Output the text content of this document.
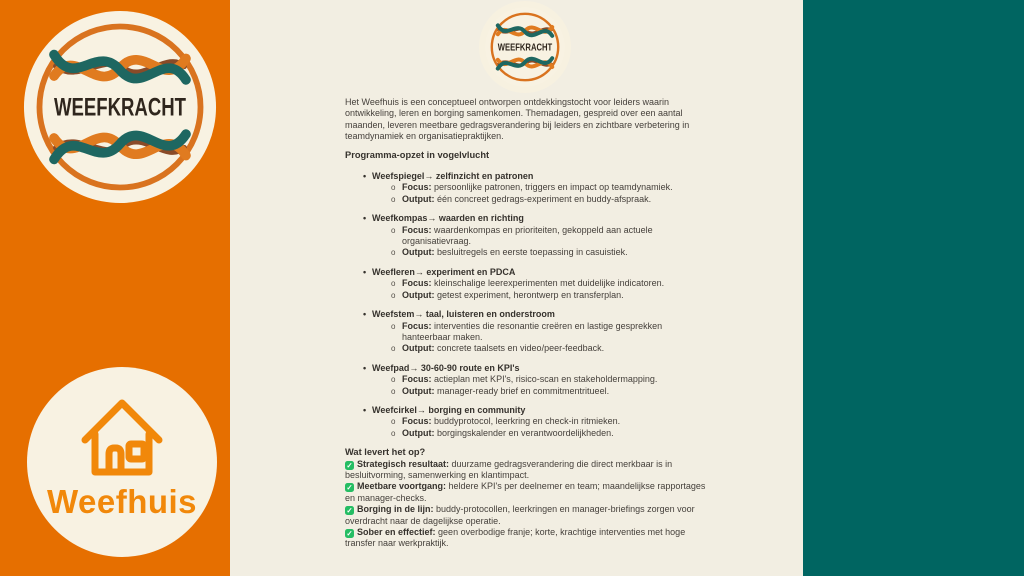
Weefhuis

Het Weefhuis is een conceptueel ontworpen ontdekkingstocht voor leiders waarin ontwikkeling, leren en borging samenkomen. Themadagen, gespreid over een aantal maanden, leveren meetbare gedragsverandering bij leiders en zichtbare verbetering in teamdynamiek en organisatiepraktijken.

Programma-opzet in vogelvlucht
• Weefspiegel→ zelfinzicht en patronen
o Focus: persoonlijke patronen, triggers en impact op teamdynamiek.
o Output: één concreet gedrags-experiment en buddy-afspraak.
• Weefkompas→ waarden en richting
o Focus: waardenkompas en prioriteiten, gekoppeld aan actuele organisatievraag.
o Output: besluitregels en eerste toepassing in casuistiek.
• Weefleren→ experiment en PDCA
o Focus: kleinschalige leerexperimenten met duidelijke indicatoren.
o Output: getest experiment, herontwerp en transferplan.
• Weefstem→ taal, luisteren en onderstroom
o Focus: interventies die resonantie creëren en lastige gesprekken hanteerbaar maken.
o Output: concrete taalsets en video/peer-feedback.
• Weefpad→ 30-60-90 route en KPI's
o Focus: actieplan met KPI's, risico-scan en stakeholdermapping.
o Output: manager-ready brief en commitmentritueel.
• Weefcirkel→ borging en community
o Focus: buddyprotocol, leerkring en check-in ritmieken.
o Output: borgingskalender en verantwoordelijkheden.
Wat levert het op?
✓ Strategisch resultaat: duurzame gedragsverandering die direct merkbaar is in besluitvorming, samenwerking en klantimpact.
✓ Meetbare voortgang: heldere KPI's per deelnemer en team; maandelijkse rapportages en manager-checks.
✓ Borging in de lijn: buddy-protocollen, leerkringen en manager-briefings zorgen voor overdracht naar de dagelijkse operatie.
✓ Sober en effectief: geen overbodige franje; korte, krachtige interventies met hoge transfer naar werkpraktijk.
